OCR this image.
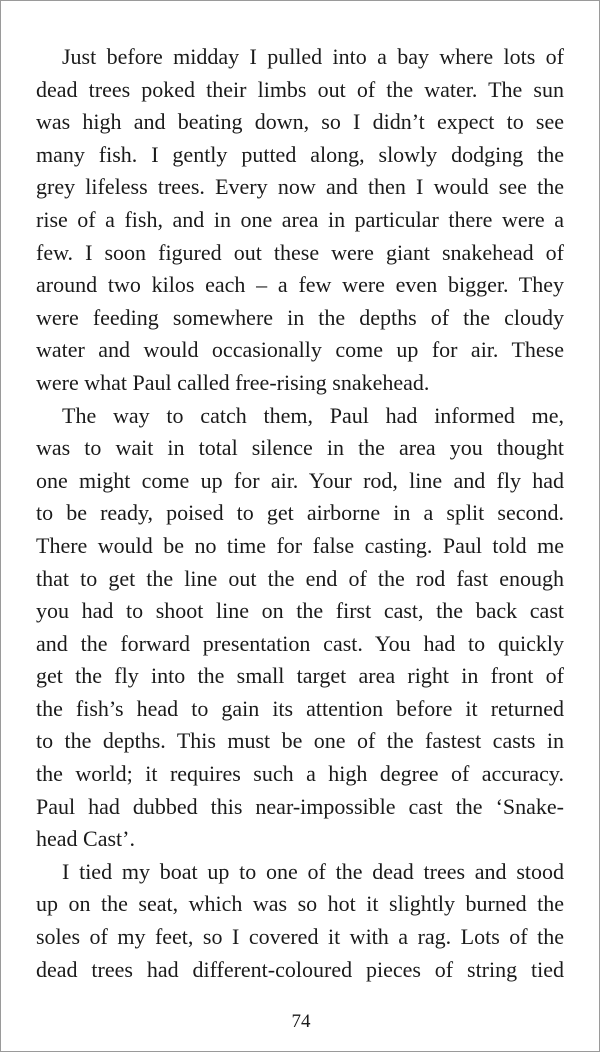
Just before midday I pulled into a bay where lots of
dead trees poked their limbs out of the water. The sun
was high and beating down, so I didn’t expect to see
many fish. I gently putted along, slowly dodging the
grey lifeless trees. Every now and then I would see the
rise of a fish, and in one area in particular there were a
few. I soon figured out these were giant snakehead of
around two kilos each – a few were even bigger. They
were feeding somewhere in the depths of the cloudy
water and would occasionally come up for air. These
were what Paul called free-rising snakehead.
The way to catch them, Paul had informed me,
was to wait in total silence in the area you thought
one might come up for air. Your rod, line and fly had
to be ready, poised to get airborne in a split second.
There would be no time for false casting. Paul told me
that to get the line out the end of the rod fast enough
you had to shoot line on the first cast, the back cast
and the forward presentation cast. You had to quickly
get the fly into the small target area right in front of
the fish’s head to gain its attention before it returned
to the depths. This must be one of the fastest casts in
the world; it requires such a high degree of accuracy.
Paul had dubbed this near-impossible cast the ‘Snake-
head Cast’.
I tied my boat up to one of the dead trees and stood
up on the seat, which was so hot it slightly burned the
soles of my feet, so I covered it with a rag. Lots of the
dead trees had different-coloured pieces of string tied
74
